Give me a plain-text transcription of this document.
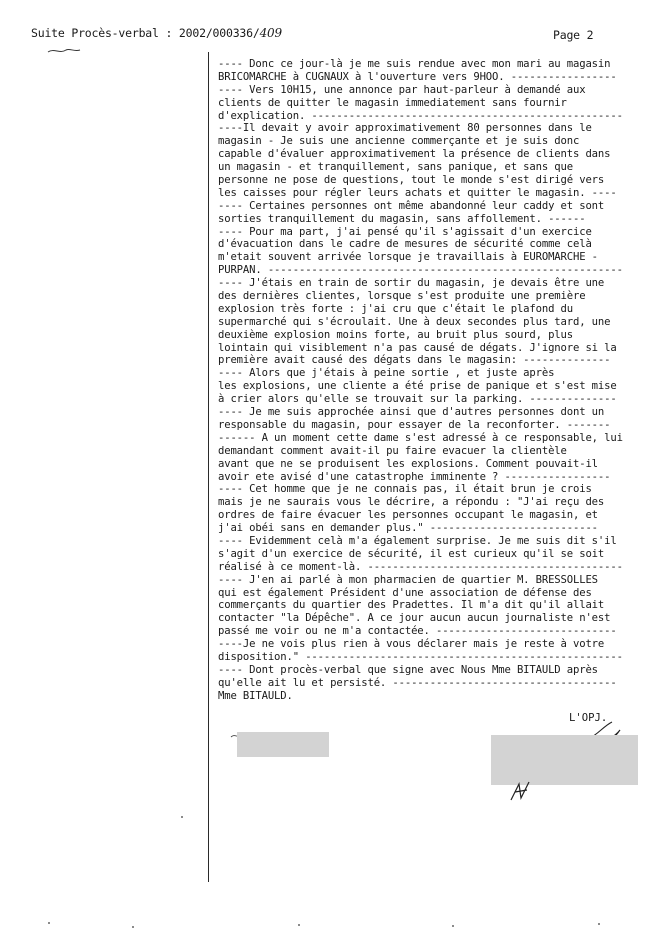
Suite Procès-verbal : 2002/000336/409	Page 2
---- Donc ce jour-là je me suis rendue avec mon mari au magasin
BRICOMARCHE à CUGNAUX à l'ouverture vers 9HOO. -----------------
---- Vers 10H15, une annonce par haut-parleur à demandé aux
clients de quitter le magasin immediatement sans fournir
d'explication. --------------------------------------------------
----Il devait y avoir approximativement 80 personnes dans le
magasin - Je suis une ancienne commerçante et je suis donc
capable d'évaluer approximativement la présence de clients dans
un magasin - et tranquillement, sans panique, et sans que
personne ne pose de questions, tout le monde s'est dirigé vers
les caisses pour régler leurs achats et quitter le magasin. ----
---- Certaines personnes ont même abandonné leur caddy et sont
sorties tranquillement du magasin, sans affollement. ------
---- Pour ma part, j'ai pensé qu'il s'agissait d'un exercice
d'évacuation dans le cadre de mesures de sécurité comme celà
m'etait souvent arrivée lorsque je travaillais à EUROMARCHE -
PURPAN. ---------------------------------------------------------
---- J'étais en train de sortir du magasin, je devais être une
des dernières clientes, lorsque s'est produite une première
explosion très forte : j'ai cru que c'était le plafond du
supermarché qui s'écroulait. Une à deux secondes plus tard, une
deuxième explosion moins forte, au bruit plus sourd, plus
lointain qui visiblement n'a pas causé de dégats. J'ignore si la
première avait causé des dégats dans le magasin: --------------
---- Alors que j'étais à peine sortie , et juste après
les explosions, une cliente a été prise de panique et s'est mise
à crier alors qu'elle se trouvait sur la parking. --------------
---- Je me suis approchée ainsi que d'autres personnes dont un
responsable du magasin, pour essayer de la reconforter. -------
------ A un moment cette dame s'est adressé à ce responsable, lui
demandant comment avait-il pu faire evacuer la clientèle
avant que ne se produisent les explosions. Comment pouvait-il
avoir ete avisé d'une catastrophe imminente ? -----------------
---- Cet homme que je ne connais pas, il était brun je crois
mais je ne saurais vous le décrire, a répondu : "J'ai reçu des
ordres de faire évacuer les personnes occupant le magasin, et
j'ai obéi sans en demander plus." ---------------------------
---- Evidemment celà m'a également surprise. Je me suis dit s'il
s'agit d'un exercice de sécurité, il est curieux qu'il se soit
réalisé à ce moment-là. -----------------------------------------
---- J'en ai parlé à mon pharmacien de quartier M. BRESSOLLES
qui est également Président d'une association de défense des
commerçants du quartier des Pradettes. Il m'a dit qu'il allait
contacter "la Dépêche". A ce jour aucun aucun journaliste n'est
passé me voir ou ne m'a contactée. -----------------------------
----Je ne vois plus rien à vous déclarer mais je reste à votre
disposition." ---------------------------------------------------
---- Dont procès-verbal que signe avec Nous Mme BITAULD après
qu'elle ait lu et persisté. ------------------------------------
Mme BITAULD.
L'OPJ.
